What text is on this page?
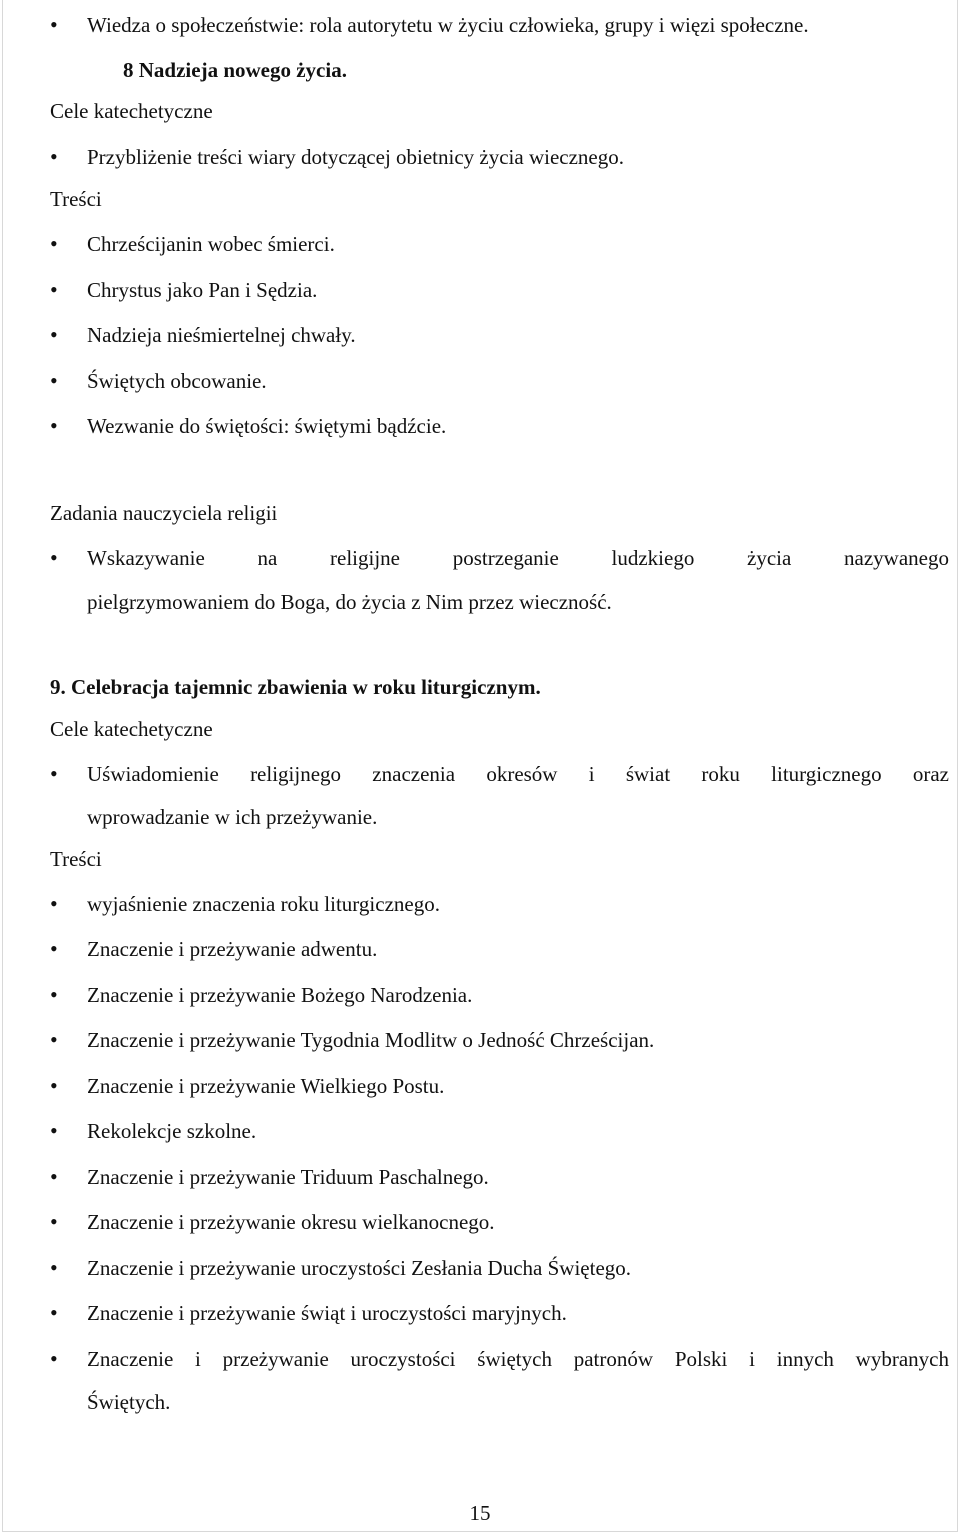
• Wiedza o społeczeństwie: rola autorytetu w życiu człowieka, grupy i więzi społeczne.
8 Nadzieja nowego życia.
Cele katechetyczne
• Przybliżenie treści wiary dotyczącej obietnicy życia wiecznego.
Treści
• Chrześcijanin wobec śmierci.
• Chrystus jako Pan i Sędzia.
• Nadzieja nieśmiertelnej chwały.
• Świętych obcowanie.
• Wezwanie do świętości: świętymi bądźcie.
Zadania nauczyciela religii
• Wskazywanie na religijne postrzeganie ludzkiego życia nazywanego
pielgrzymowaniem do Boga, do życia z Nim przez wieczność.
9. Celebracja tajemnic zbawienia w roku liturgicznym.
Cele katechetyczne
• Uświadomienie religijnego znaczenia okresów i świat roku liturgicznego oraz
wprowadzanie w ich przeżywanie.
Treści
• wyjaśnienie znaczenia roku liturgicznego.
• Znaczenie i przeżywanie adwentu.
• Znaczenie i przeżywanie Bożego Narodzenia.
• Znaczenie i przeżywanie Tygodnia Modlitw o Jedność Chrześcijan.
• Znaczenie i przeżywanie Wielkiego Postu.
• Rekolekcje szkolne.
• Znaczenie i przeżywanie Triduum Paschalnego.
• Znaczenie i przeżywanie okresu wielkanocnego.
• Znaczenie i przeżywanie uroczystości Zesłania Ducha Świętego.
• Znaczenie i przeżywanie świąt i uroczystości maryjnych.
• Znaczenie i przeżywanie uroczystości świętych patronów Polski i innych wybranych
Świętych.
15
